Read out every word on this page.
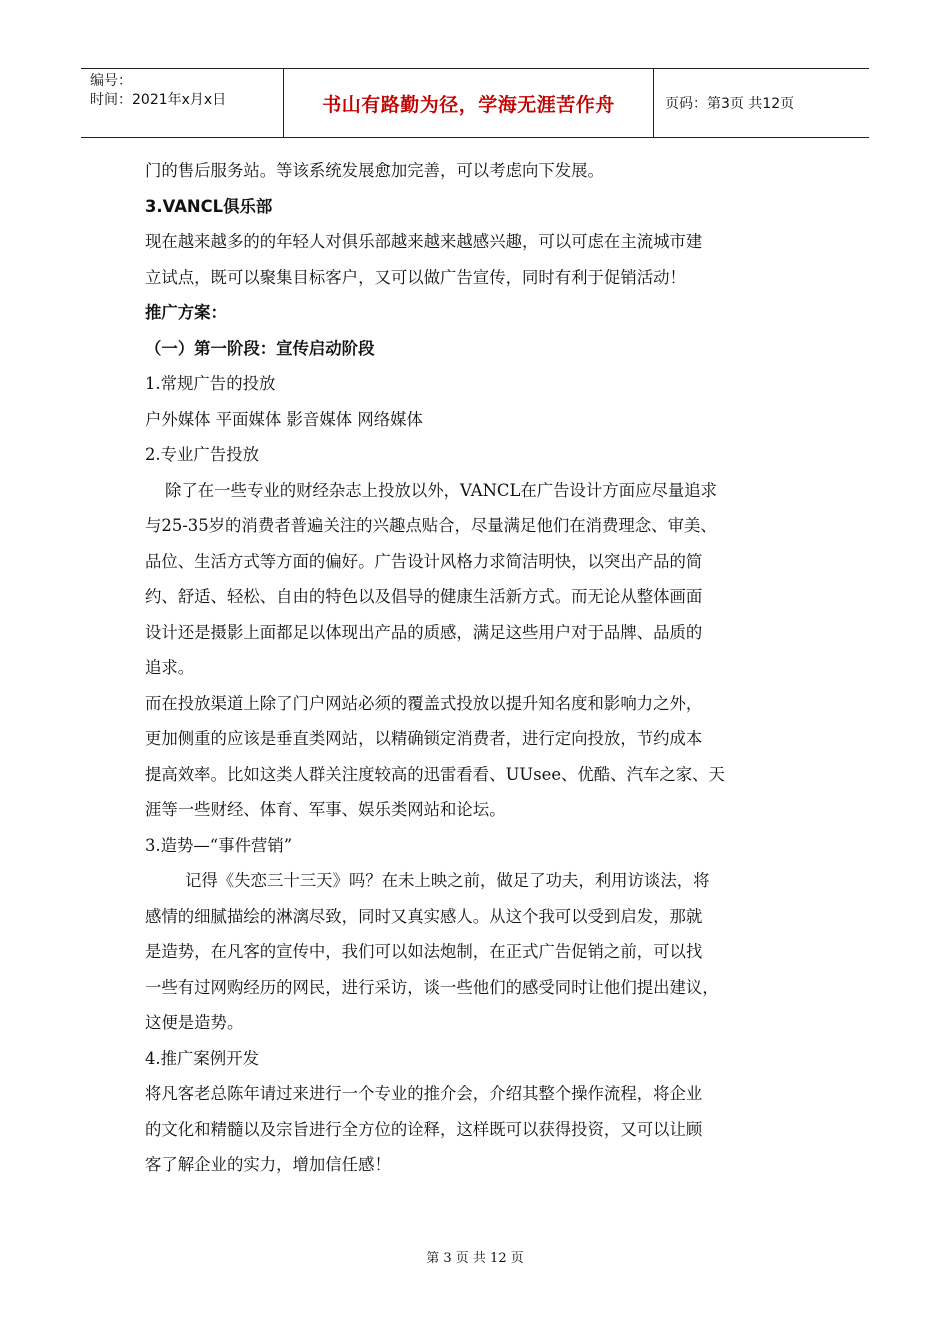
编号：
时间：2021年x月x日	书山有路勤为径，学海无涯苦作舟	页码：第3页 共12页
门的售后服务站。等该系统发展愈加完善，可以考虑向下发展。
3.VANCL俱乐部
现在越来越多的的年轻人对俱乐部越来越来越感兴趣，可以可虑在主流城市建
立试点，既可以聚集目标客户，又可以做广告宣传，同时有利于促销活动！
推广方案：
（一）第一阶段：宣传启动阶段
1.常规广告的投放
户外媒体 平面媒体 影音媒体 网络媒体
2.专业广告投放
除了在一些专业的财经杂志上投放以外，VANCL在广告设计方面应尽量追求
与25-35岁的消费者普遍关注的兴趣点贴合，尽量满足他们在消费理念、审美、
品位、生活方式等方面的偏好。广告设计风格力求简洁明快，以突出产品的简
约、舒适、轻松、自由的特色以及倡导的健康生活新方式。而无论从整体画面
设计还是摄影上面都足以体现出产品的质感，满足这些用户对于品牌、品质的
追求。
而在投放渠道上除了门户网站必须的覆盖式投放以提升知名度和影响力之外，
更加侧重的应该是垂直类网站，以精确锁定消费者，进行定向投放，节约成本
提高效率。比如这类人群关注度较高的迅雷看看、UUsee、优酷、汽车之家、天
涯等一些财经、体育、军事、娱乐类网站和论坛。
3.造势—“事件营销”
记得《失恋三十三天》吗？在未上映之前，做足了功夫，利用访谈法，将
感情的细腻描绘的淋漓尽致，同时又真实感人。从这个我可以受到启发，那就
是造势，在凡客的宣传中，我们可以如法炮制，在正式广告促销之前，可以找
一些有过网购经历的网民，进行采访，谈一些他们的感受同时让他们提出建议，
这便是造势。
4.推广案例开发
将凡客老总陈年请过来进行一个专业的推介会，介绍其整个操作流程，将企业
的文化和精髓以及宗旨进行全方位的诠释，这样既可以获得投资，又可以让顾
客了解企业的实力，增加信任感！
第 3 页 共 12 页
